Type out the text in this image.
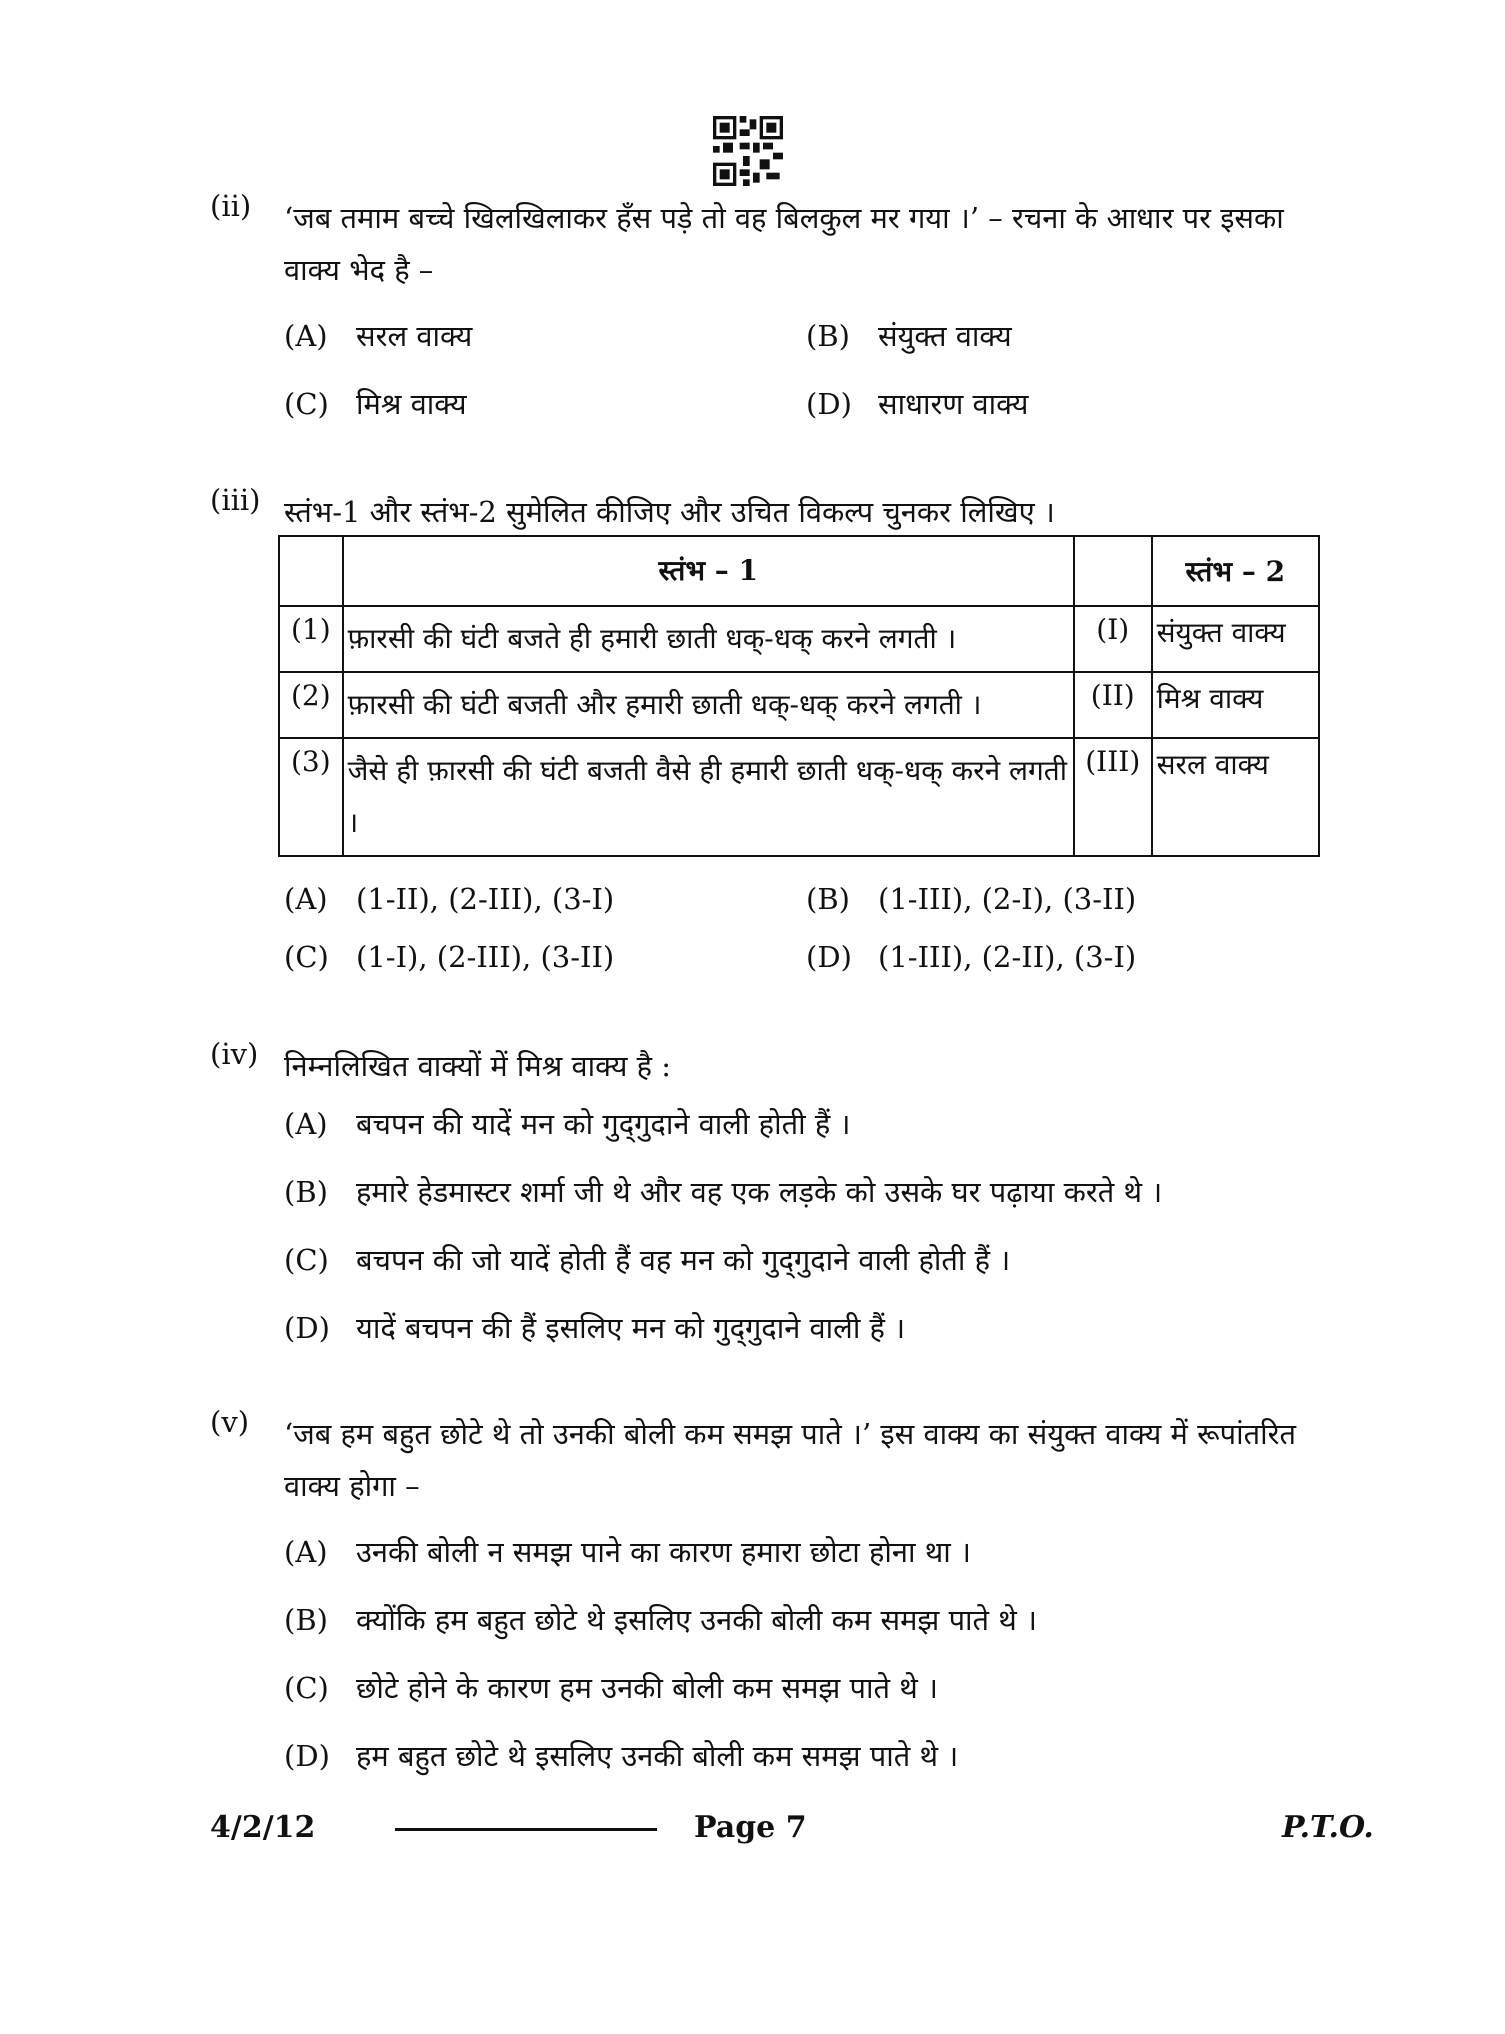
(ii)	‘जब तमाम बच्चे खिलखिलाकर हँस पड़े तो वह बिलकुल मर गया ।’ – रचना के आधार पर इसका वाक्य भेद है –
(A) सरल वाक्य	(B) संयुक्त वाक्य
(C) मिश्र वाक्य	(D) साधारण वाक्य
(iii) स्तंभ-1 और स्तंभ-2 सुमेलित कीजिए और उचित विकल्प चुनकर लिखिए ।
	स्तंभ – 1		स्तंभ – 2
(1)	फ़ारसी की घंटी बजते ही हमारी छाती धक्-धक् करने लगती ।	(I)	संयुक्त वाक्य
(2)	फ़ारसी की घंटी बजती और हमारी छाती धक्-धक् करने लगती ।	(II)	मिश्र वाक्य
(3)	जैसे ही फ़ारसी की घंटी बजती वैसे ही हमारी छाती धक्-धक् करने लगती ।	(III)	सरल वाक्य
(A) (1-II), (2-III), (3-I)	(B) (1-III), (2-I), (3-II)
(C) (1-I), (2-III), (3-II)	(D) (1-III), (2-II), (3-I)
(iv) निम्नलिखित वाक्यों में मिश्र वाक्य है :
(A) बचपन की यादें मन को गुद्‌गुदाने वाली होती हैं ।
(B) हमारे हेडमास्टर शर्मा जी थे और वह एक लड़के को उसके घर पढ़ाया करते थे ।
(C) बचपन की जो यादें होती हैं वह मन को गुद्‌गुदाने वाली होती हैं ।
(D) यादें बचपन की हैं इसलिए मन को गुद्‌गुदाने वाली हैं ।
(v)	‘जब हम बहुत छोटे थे तो उनकी बोली कम समझ पाते ।’ इस वाक्य का संयुक्त वाक्य में रूपांतरित वाक्य होगा –
(A) उनकी बोली न समझ पाने का कारण हमारा छोटा होना था ।
(B) क्योंकि हम बहुत छोटे थे इसलिए उनकी बोली कम समझ पाते थे ।
(C) छोटे होने के कारण हम उनकी बोली कम समझ पाते थे ।
(D) हम बहुत छोटे थे इसलिए उनकी बोली कम समझ पाते थे ।
4/2/12	Page 7	P.T.O.
